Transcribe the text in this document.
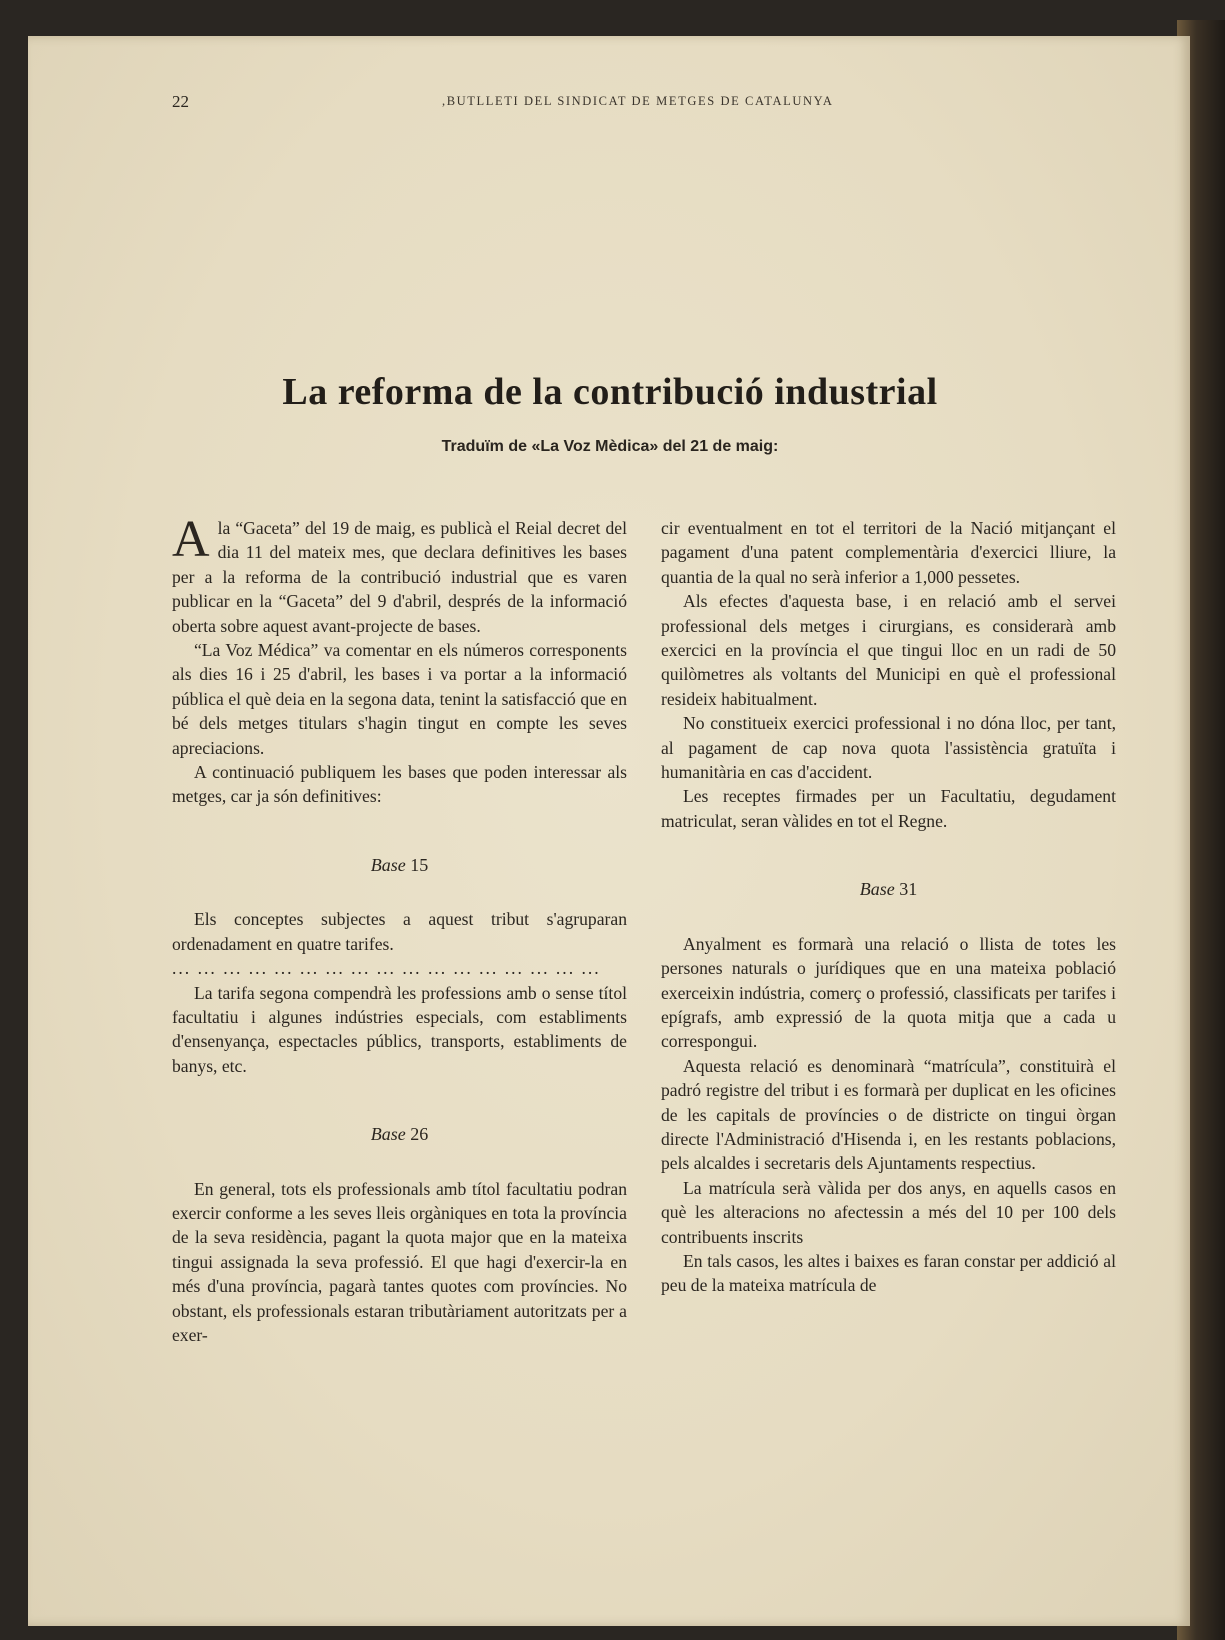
22	,BUTLLETI DEL SINDICAT DE METGES DE CATALUNYA
La reforma de la contribució industrial
Traduïm de «La Voz Mèdica» del 21 de maig:

A la “Gaceta” del 19 de maig, es publicà el Reial decret del dia 11 del mateix mes, que declara definitives les bases per a la reforma de la contribució industrial que es varen publicar en la “Gaceta” del 9 d'abril, després de la informació oberta sobre aquest avant-projecte de bases.

“La Voz Médica” va comentar en els números corresponents als dies 16 i 25 d'abril, les bases i va portar a la informació pública el què deia en la segona data, tenint la satisfacció que en bé dels metges titulars s'hagin tingut en compte les seves apreciacions.

A continuació publiquem les bases que poden interessar als metges, car ja són definitives:

Base 15

Els conceptes subjectes a aquest tribut s'agruparan ordenadament en quatre tarifes.

... ... ... ... ... ... ... ... ... ... ... ... ... ... ... ... ...

La tarifa segona compendrà les professions amb o sense títol facultatiu i algunes indústries especials, com establiments d'ensenyança, espectacles públics, transports, establiments de banys, etc.

Base 26

En general, tots els professionals amb títol facultatiu podran exercir conforme a les seves lleis orgàniques en tota la província de la seva residència, pagant la quota major que en la mateixa tingui assignada la seva professió. El que hagi d'exercir-la en més d'una província, pagarà tantes quotes com províncies. No obstant, els professionals estaran tributàriament autoritzats per a exer-

cir eventualment en tot el territori de la Nació mitjançant el pagament d'una patent complementària d'exercici lliure, la quantia de la qual no serà inferior a 1,000 pessetes.

Als efectes d'aquesta base, i en relació amb el servei professional dels metges i cirurgians, es considerarà amb exercici en la província el que tingui lloc en un radi de 50 quilòmetres als voltants del Municipi en què el professional resideix habitualment.

No constitueix exercici professional i no dóna lloc, per tant, al pagament de cap nova quota l'assistència gratuïta i humanitària en cas d'accident.

Les receptes firmades per un Facultatiu, degudament matriculat, seran vàlides en tot el Regne.

Base 31

Anyalment es formarà una relació o llista de totes les persones naturals o jurídiques que en una mateixa població exerceixin indústria, comerç o professió, classificats per tarifes i epígrafs, amb expressió de la quota mitja que a cada u correspongui.

Aquesta relació es denominarà “matrícula”, constituirà el padró registre del tribut i es formarà per duplicat en les oficines de les capitals de províncies o de districte on tingui òrgan directe l'Administració d'Hisenda i, en les restants poblacions, pels alcaldes i secretaris dels Ajuntaments respectius.

La matrícula serà vàlida per dos anys, en aquells casos en què les alteracions no afectessin a més del 10 per 100 dels contribuents inscrits

En tals casos, les altes i baixes es faran constar per addició al peu de la mateixa matrícula de
